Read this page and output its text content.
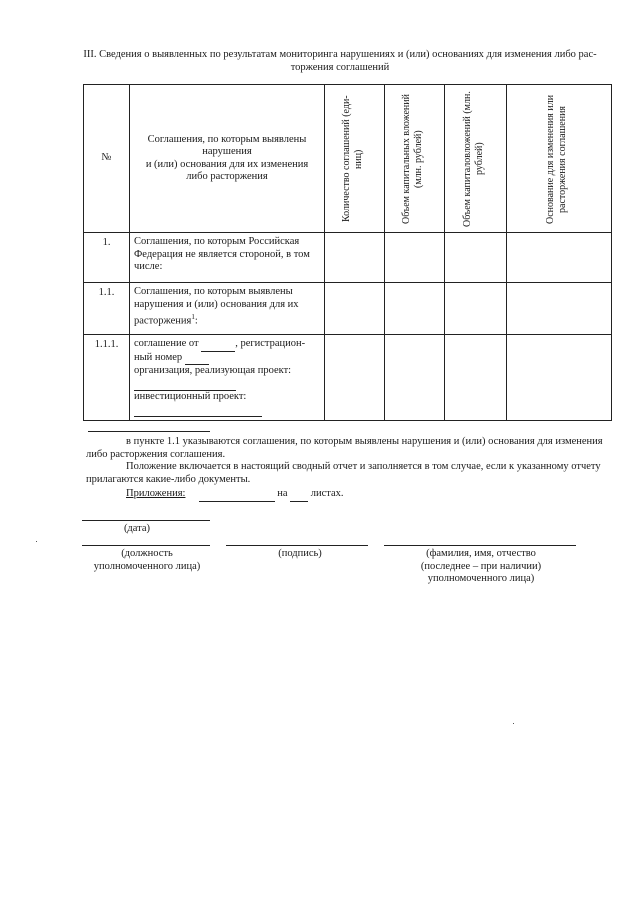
III. Сведения о выявленных по результатам мониторинга нарушениях и (или) основаниях для изменения либо рас-
торжения соглашений
№	Соглашения, по которым выявлены
нарушения
и (или) основания для их изменения
либо расторжения	Количество соглашений (еди- ниц)	Объем капитальных вложений (млн. рублей)	Объем капиталовложений (млн. рублей)	Основание для изменения или расторжения соглашения

1.	Соглашения, по которым Российская Федерация не является стороной, в том числе:				
1.1.	Соглашения, по которым выявлены нарушения и (или) основания для их расторжения$^1$:				
1.1.1.	соглашение от , регистрацион-
ный номер
организация, реализующая проект:

инвестиционный проект:				

в пункте 1.1 указываются соглашения, по которым выявлены нарушения и (или) основания для изменения либо расторжения соглашения.

Положение включается в настоящий сводный отчет и заполняется в том случае, если к указанному отчету прилагаются какие-либо документы.

Приложения:	на листах.

(дата)
(должность
уполномоченного лица)
(подпись)	(фамилия, имя, отчество
(последнее – при наличии)
уполномоченного лица)
